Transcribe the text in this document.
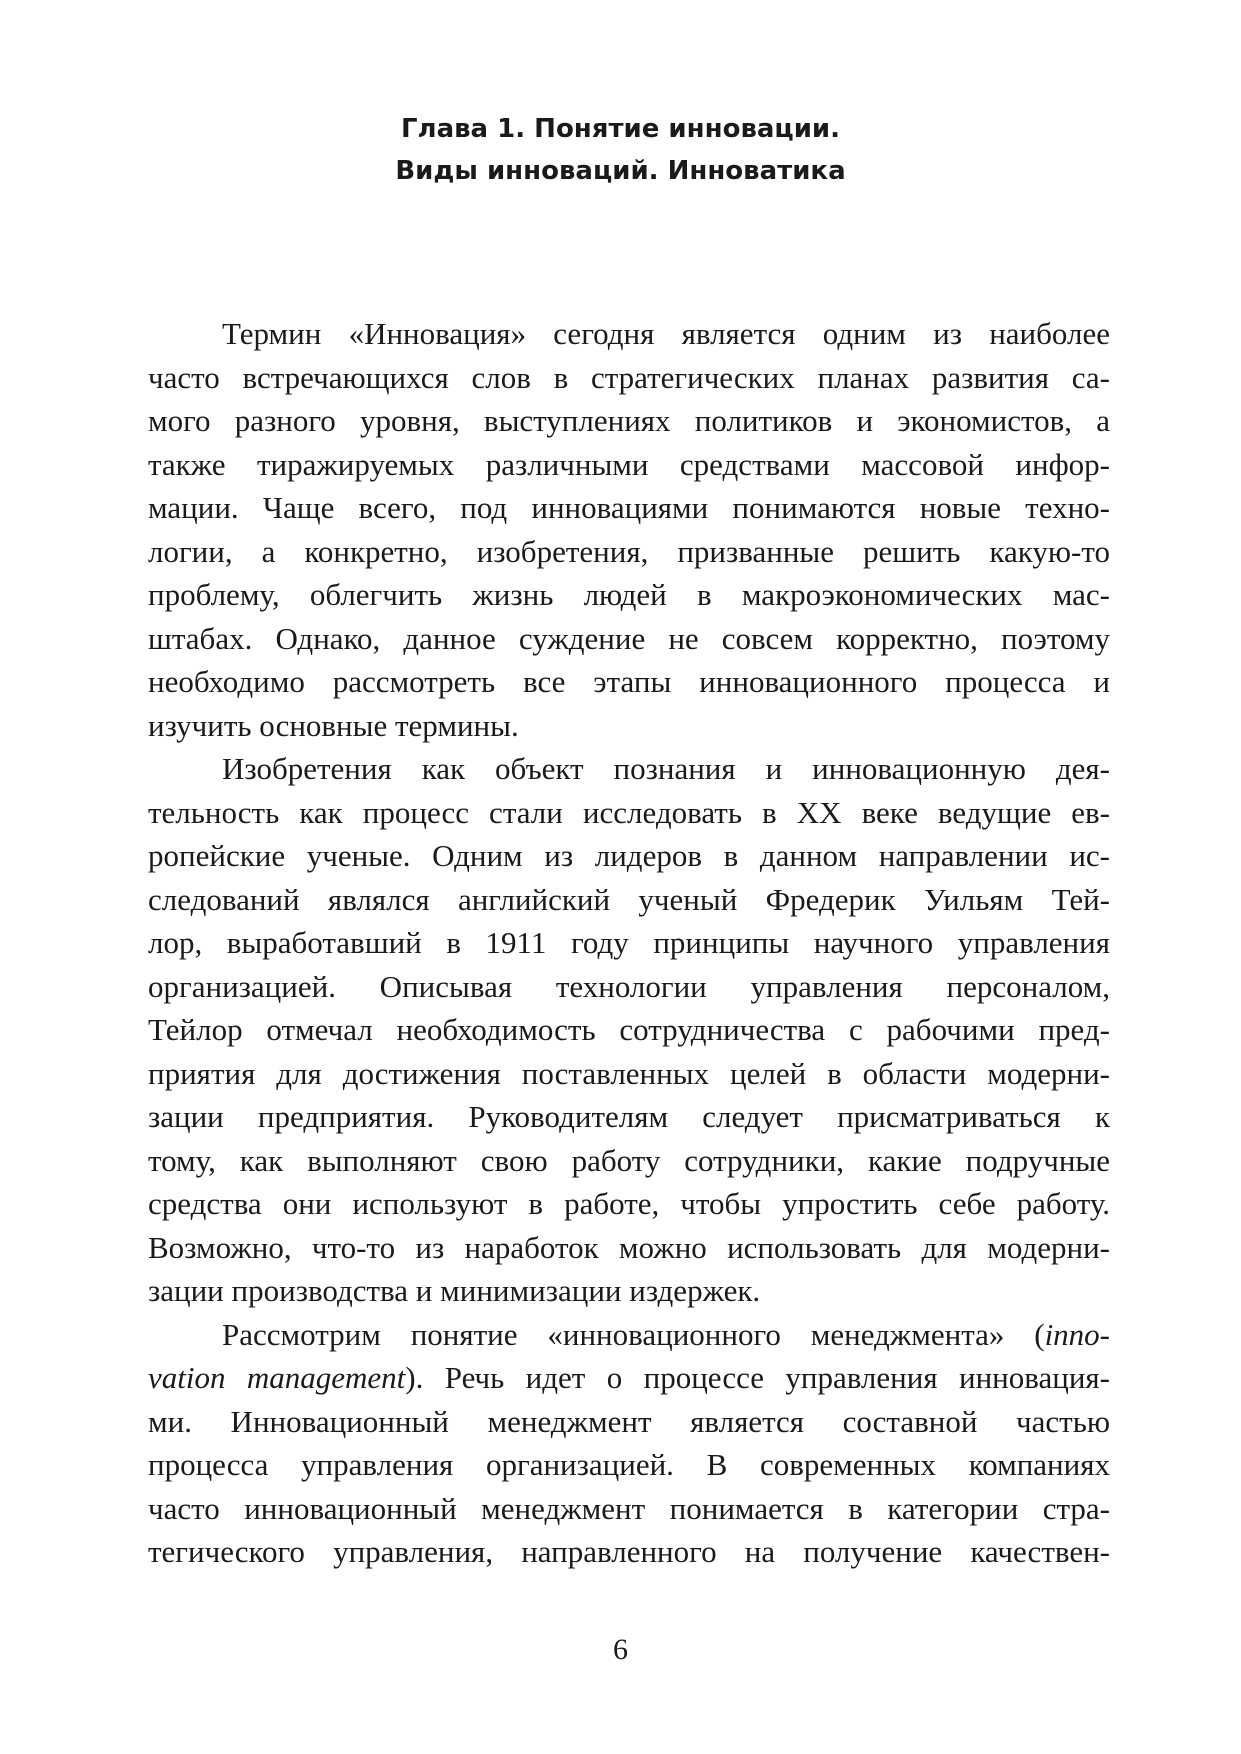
Глава 1. Понятие инновации.
Виды инноваций. Инноватика
Термин «Инновация» сегодня является одним из наиболее
часто встречающихся слов в стратегических планах развития са-
мого разного уровня, выступлениях политиков и экономистов, а
также тиражируемых различными средствами массовой инфор-
мации. Чаще всего, под инновациями понимаются новые техно-
логии, а конкретно, изобретения, призванные решить какую-то
проблему, облегчить жизнь людей в макроэкономических мас-
штабах. Однако, данное суждение не совсем корректно, поэтому
необходимо рассмотреть все этапы инновационного процесса и
изучить основные термины.
Изобретения как объект познания и инновационную дея-
тельность как процесс стали исследовать в XX веке ведущие ев-
ропейские ученые. Одним из лидеров в данном направлении ис-
следований являлся английский ученый Фредерик Уильям Тей-
лор, выработавший в 1911 году принципы научного управления
организацией. Описывая технологии управления персоналом,
Тейлор отмечал необходимость сотрудничества с рабочими пред-
приятия для достижения поставленных целей в области модерни-
зации предприятия. Руководителям следует присматриваться к
тому, как выполняют свою работу сотрудники, какие подручные
средства они используют в работе, чтобы упростить себе работу.
Возможно, что-то из наработок можно использовать для модерни-
зации производства и минимизации издержек.
Рассмотрим понятие «инновационного менеджмента» (inno-
vation management). Речь идет о процессе управления инновация-
ми. Инновационный менеджмент является составной частью
процесса управления организацией. В современных компаниях
часто инновационный менеджмент понимается в категории стра-
тегического управления, направленного на получение качествен-
6
